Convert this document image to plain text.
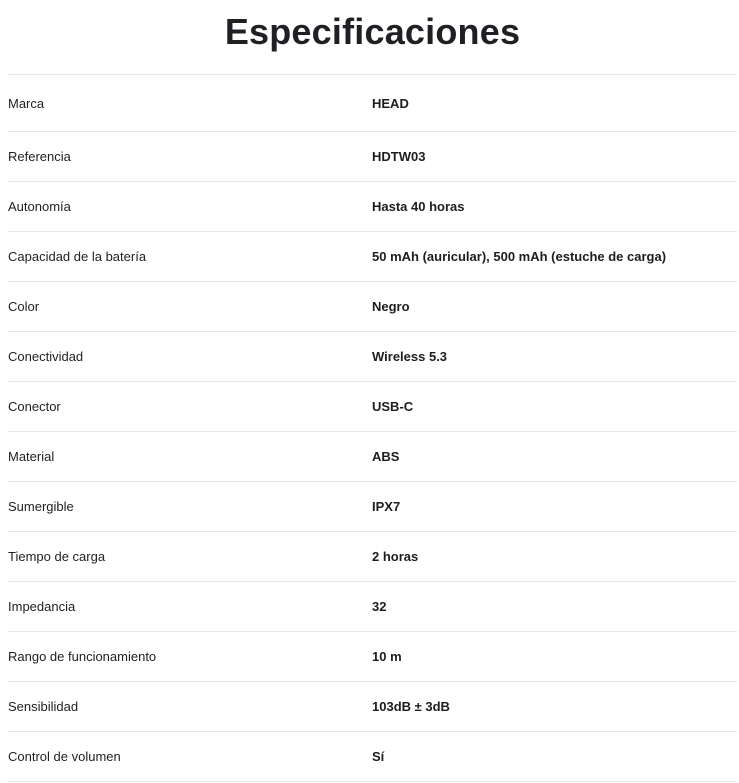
Especificaciones
Marca	HEAD
Referencia	HDTW03
Autonomía	Hasta 40 horas
Capacidad de la batería	50 mAh (auricular), 500 mAh (estuche de carga)
Color	Negro
Conectividad	Wireless 5.3
Conector	USB-C
Material	ABS
Sumergible	IPX7
Tiempo de carga	2 horas
Impedancia	32
Rango de funcionamiento	10 m
Sensibilidad	103dB ± 3dB
Control de volumen	Sí
